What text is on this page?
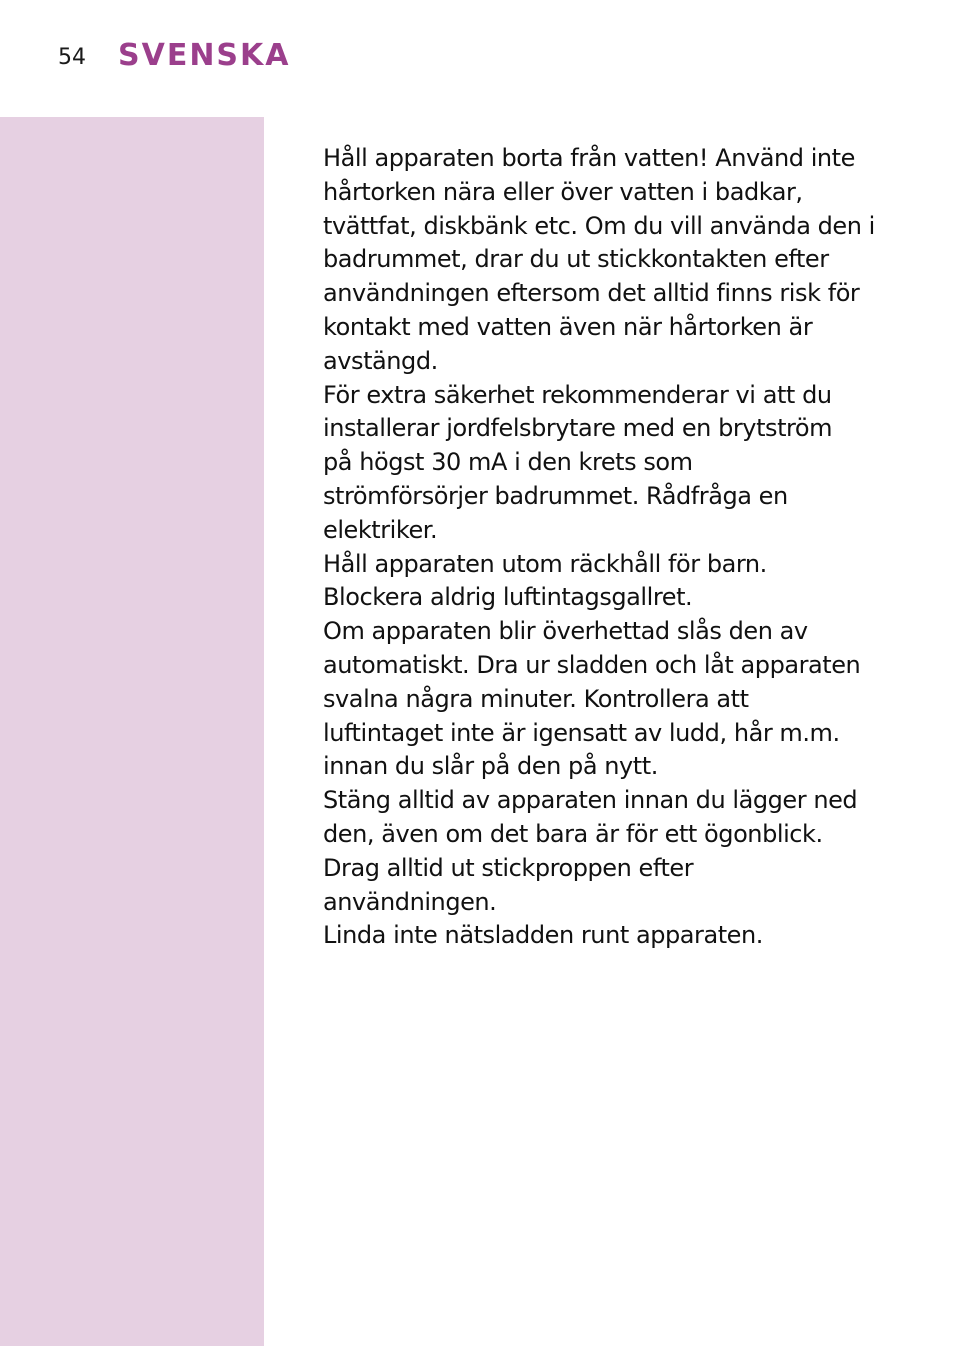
54 SVENSKA

Håll apparaten borta från vatten! Använd inte
hårtorken nära eller över vatten i badkar,
tvättfat, diskbänk etc. Om du vill använda den i
badrummet, drar du ut stickkontakten efter
användningen eftersom det alltid finns risk för
kontakt med vatten även när hårtorken är
avstängd.

För extra säkerhet rekommenderar vi att du
installerar jordfelsbrytare med en brytström
på högst 30 mA i den krets som
strömförsörjer badrummet. Rådfråga en
elektriker.

Håll apparaten utom räckhåll för barn.

Blockera aldrig luftintagsgallret.

Om apparaten blir överhettad slås den av
automatiskt. Dra ur sladden och låt apparaten
svalna några minuter. Kontrollera att
luftintaget inte är igensatt av ludd, hår m.m.
innan du slår på den på nytt.

Stäng alltid av apparaten innan du lägger ned
den, även om det bara är för ett ögonblick.

Drag alltid ut stickproppen efter
användningen.

Linda inte nätsladden runt apparaten.
